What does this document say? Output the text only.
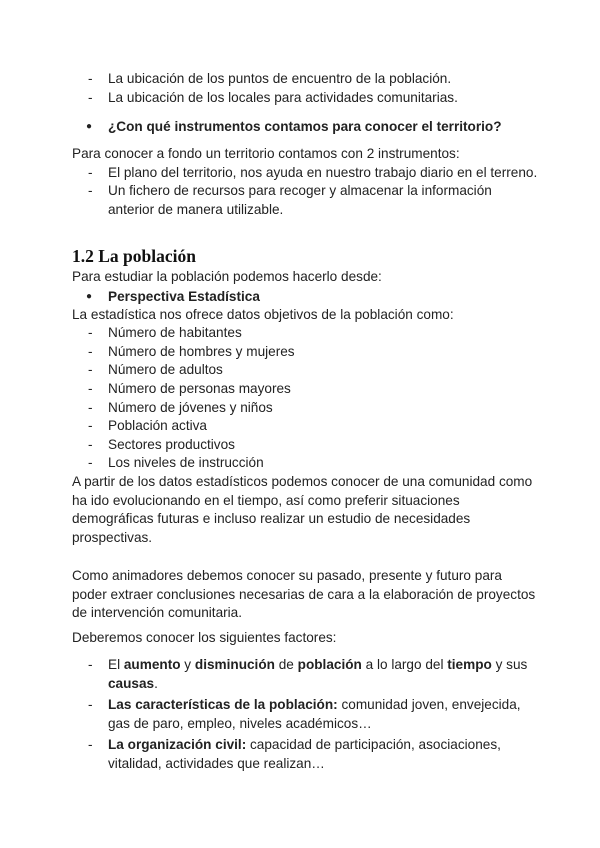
- La ubicación de los puntos de encuentro de la población.
- La ubicación de los locales para actividades comunitarias.
● ¿Con qué instrumentos contamos para conocer el territorio?

Para conocer a fondo un territorio contamos con 2 instrumentos:

- El plano del territorio, nos ayuda en nuestro trabajo diario en el terreno.
- Un fichero de recursos para recoger y almacenar la información anterior de manera utilizable.
1.2 La población

Para estudiar la población podemos hacerlo desde:

● Perspectiva Estadística

La estadística nos ofrece datos objetivos de la población como:

- Número de habitantes
- Número de hombres y mujeres
- Número de adultos
- Número de personas mayores
- Número de jóvenes y niños
- Población activa
- Sectores productivos
- Los niveles de instrucción

A partir de los datos estadísticos podemos conocer de una comunidad como ha ido evolucionando en el tiempo, así como preferir situaciones demográficas futuras e incluso realizar un estudio de necesidades prospectivas.

Como animadores debemos conocer su pasado, presente y futuro para poder extraer conclusiones necesarias de cara a la elaboración de proyectos de intervención comunitaria.

Deberemos conocer los siguientes factores:

- El aumento y disminución de población a lo largo del tiempo y sus causas.
- Las características de la población: comunidad joven, envejecida, gas de paro, empleo, niveles académicos…
- La organización civil: capacidad de participación, asociaciones, vitalidad, actividades que realizan…
